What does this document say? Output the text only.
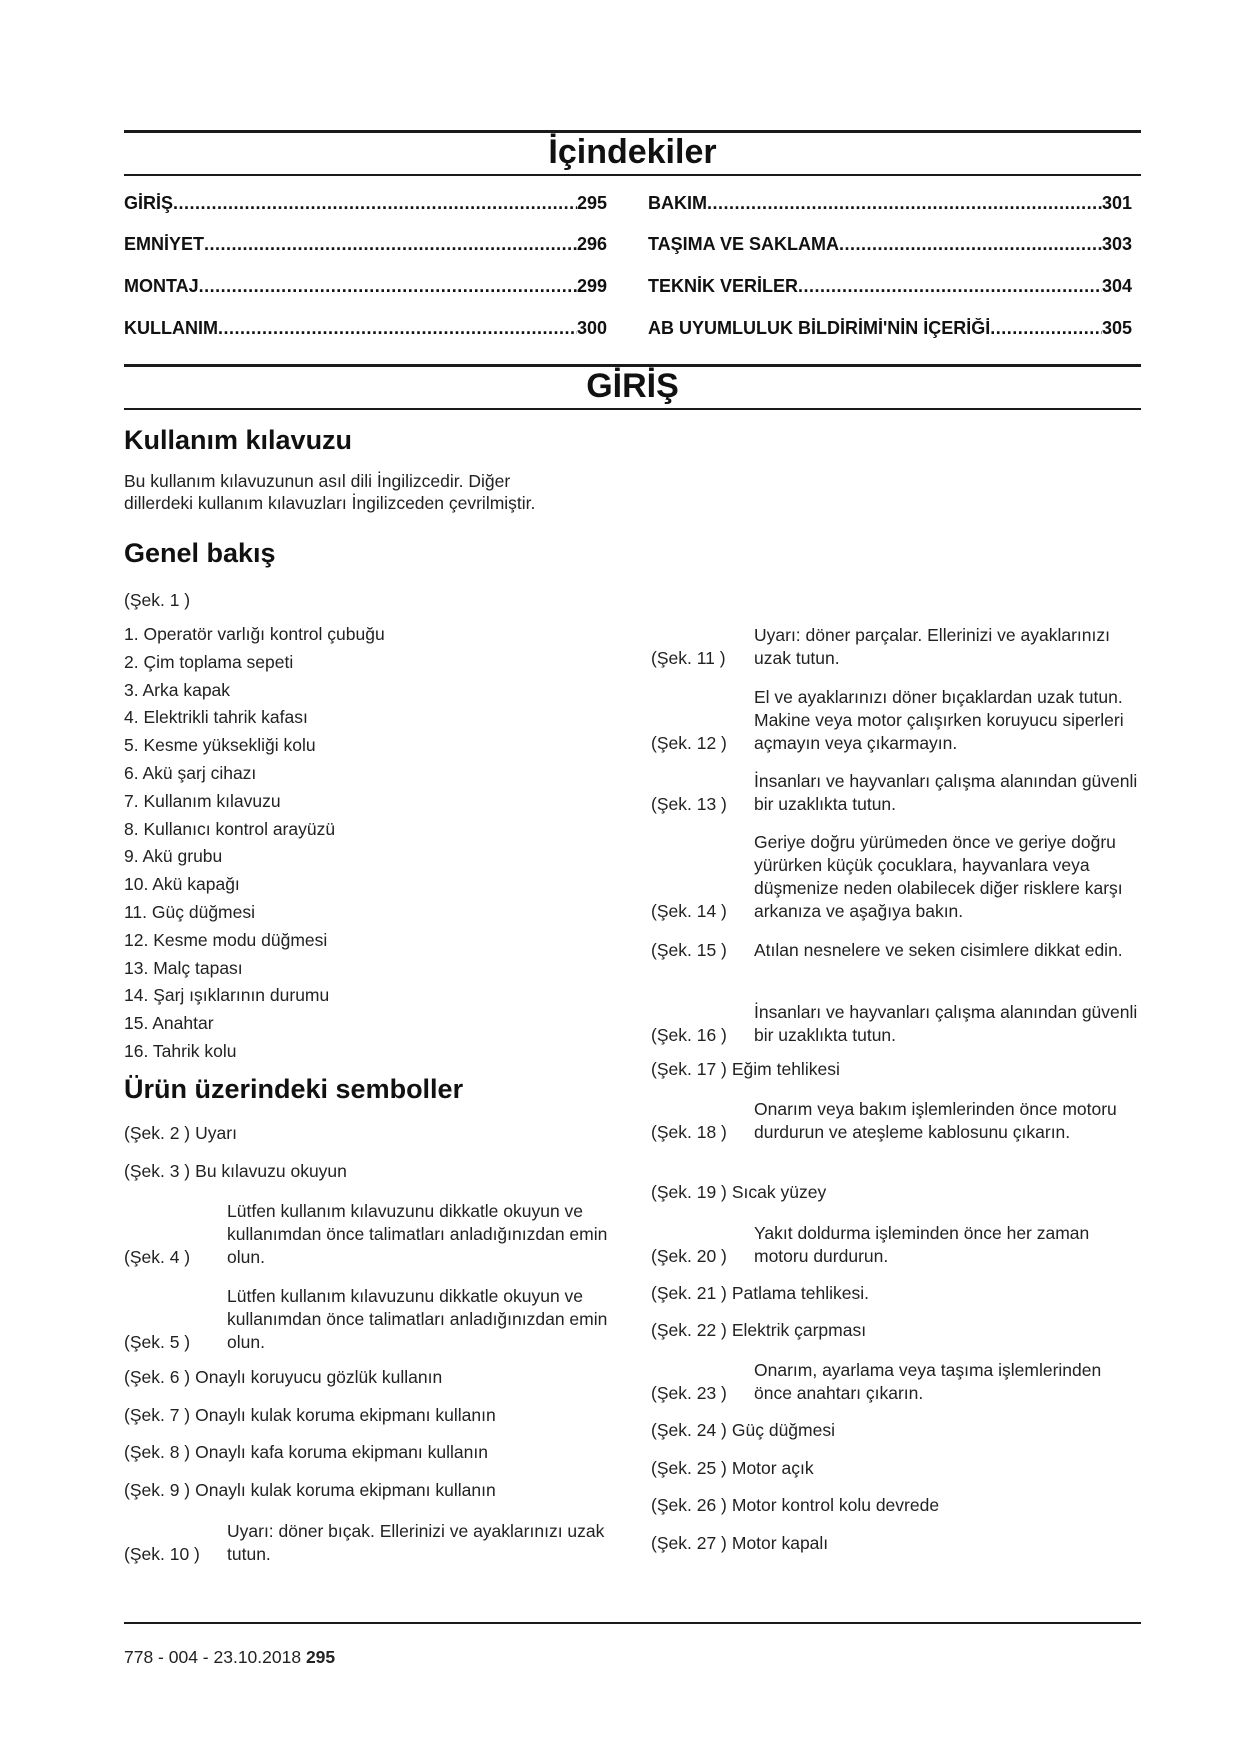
İçindekiler
GİRİŞ .....	295
EMNİYET .....	296
MONTAJ .....	299
KULLANIM .....	300
BAKIM .....	301
TAŞIMA VE SAKLAMA .....	303
TEKNİK VERİLER .....	304
AB UYUMLULUK BİLDİRİMİ'NİN İÇERİĞİ .....	305
GİRİŞ
Kullanım kılavuzu
Bu kullanım kılavuzunun asıl dili İngilizcedir. Diğer
dillerdeki kullanım kılavuzları İngilizceden çevrilmiştir.
Genel bakış
(Şek. 1 )
1. Operatör varlığı kontrol çubuğu
2. Çim toplama sepeti
3. Arka kapak
4. Elektrikli tahrik kafası
5. Kesme yüksekliği kolu
6. Akü şarj cihazı
7. Kullanım kılavuzu
8. Kullanıcı kontrol arayüzü
9. Akü grubu
10. Akü kapağı
11. Güç düğmesi
12. Kesme modu düğmesi
13. Malç tapası
14. Şarj ışıklarının durumu
15. Anahtar
16. Tahrik kolu
Ürün üzerindeki semboller
(Şek. 2 ) Uyarı
(Şek. 3 ) Bu kılavuzu okuyun
(Şek. 4 )
Lütfen kullanım kılavuzunu dikkatle okuyun ve kullanımdan önce talimatları anladığınızdan emin olun.
(Şek. 5 )
Lütfen kullanım kılavuzunu dikkatle okuyun ve kullanımdan önce talimatları anladığınızdan emin olun.
(Şek. 6 ) Onaylı koruyucu gözlük kullanın
(Şek. 7 ) Onaylı kulak koruma ekipmanı kullanın
(Şek. 8 ) Onaylı kafa koruma ekipmanı kullanın
(Şek. 9 ) Onaylı kulak koruma ekipmanı kullanın
(Şek. 10 )
Uyarı: döner bıçak. Ellerinizi ve ayaklarınızı uzak tutun.
(Şek. 11 )
Uyarı: döner parçalar. Ellerinizi ve ayaklarınızı uzak tutun.
(Şek. 12 )
El ve ayaklarınızı döner bıçaklardan uzak tutun. Makine veya motor çalışırken koruyucu siperleri açmayın veya çıkarmayın.
(Şek. 13 )
İnsanları ve hayvanları çalışma alanından güvenli bir uzaklıkta tutun.
(Şek. 14 )
Geriye doğru yürümeden önce ve geriye doğru yürürken küçük çocuklara, hayvanlara veya düşmenize neden olabilecek diğer risklere karşı arkanıza ve aşağıya bakın.
(Şek. 15 )	Atılan nesnelere ve seken cisimlere dikkat edin.
(Şek. 16 )
İnsanları ve hayvanları çalışma alanından güvenli bir uzaklıkta tutun.
(Şek. 17 ) Eğim tehlikesi
(Şek. 18 )
Onarım veya bakım işlemlerinden önce motoru durdurun ve ateşleme kablosunu çıkarın.
(Şek. 19 ) Sıcak yüzey
(Şek. 20 )
Yakıt doldurma işleminden önce her zaman motoru durdurun.
(Şek. 21 ) Patlama tehlikesi.
(Şek. 22 ) Elektrik çarpması
(Şek. 23 )
Onarım, ayarlama veya taşıma işlemlerinden önce anahtarı çıkarın.
(Şek. 24 ) Güç düğmesi
(Şek. 25 ) Motor açık
(Şek. 26 ) Motor kontrol kolu devrede
(Şek. 27 ) Motor kapalı
778 - 004 - 23.10.2018 295
